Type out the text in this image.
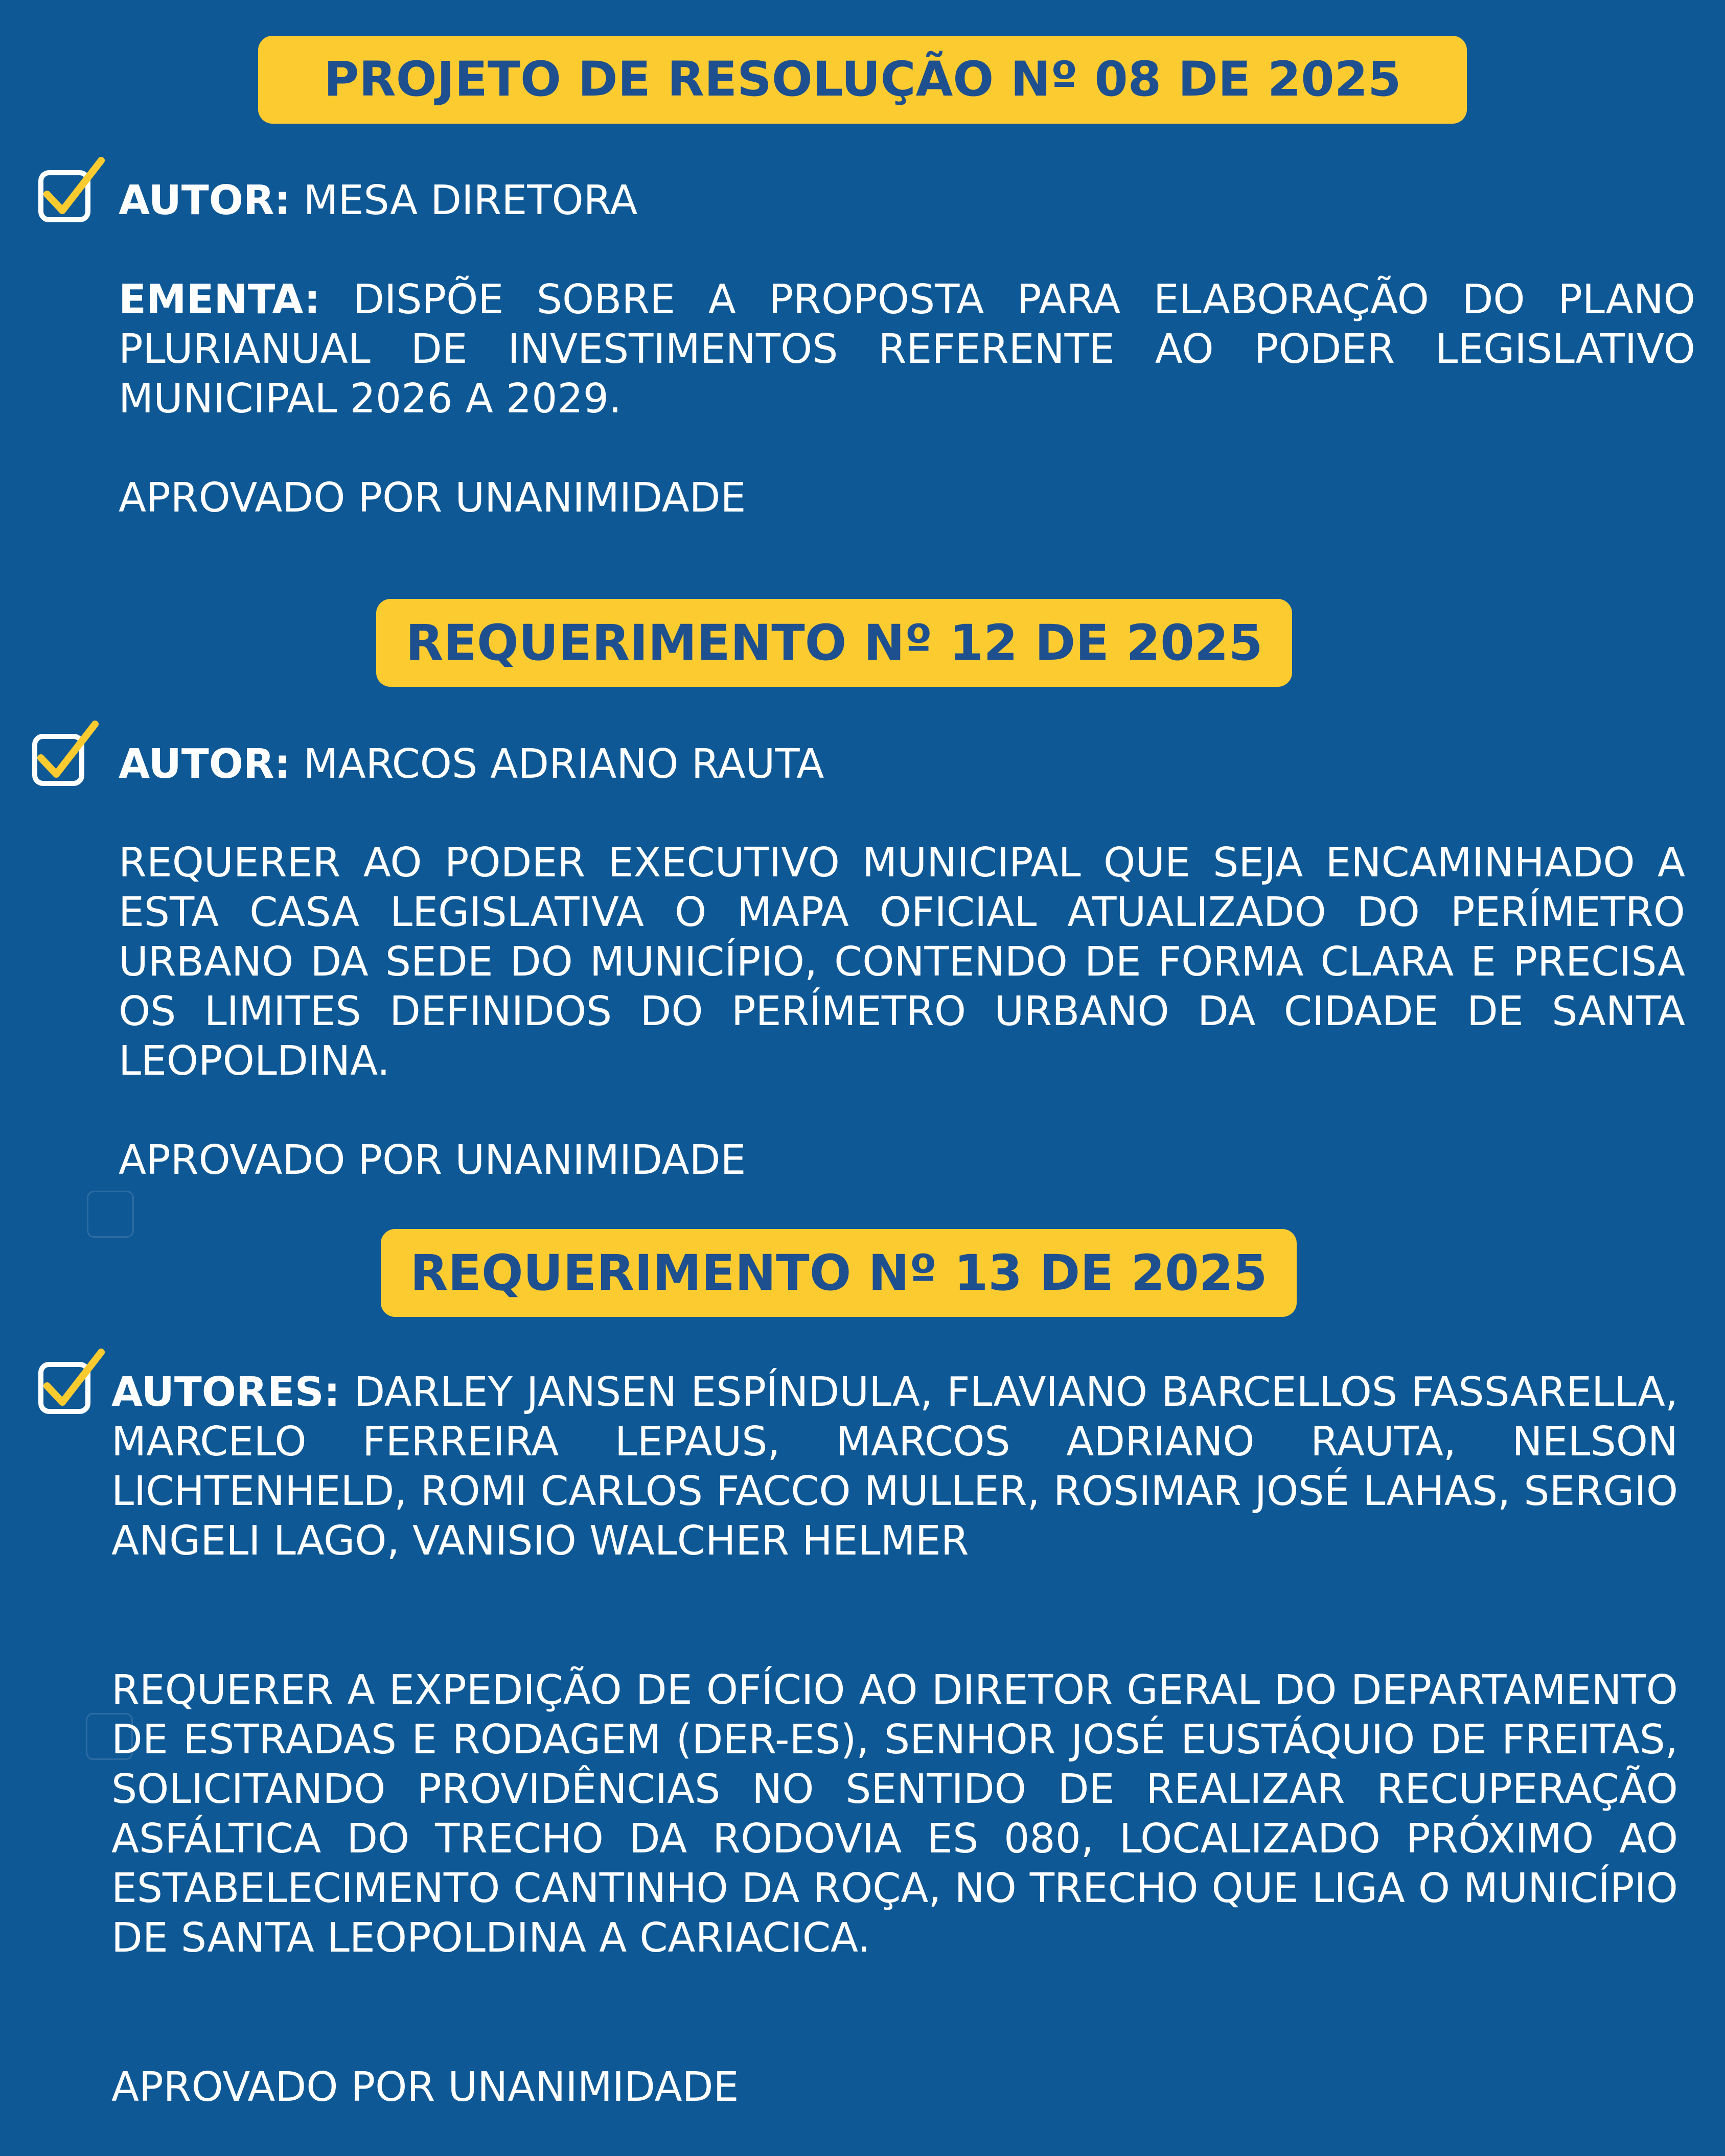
PROJETO DE RESOLUÇÃO Nº 08 DE 2025
AUTOR: MESA DIRETORA
EMENTA: DISPÕE SOBRE A PROPOSTA PARA ELABORAÇÃO DO PLANO PLURIANUAL DE INVESTIMENTOS REFERENTE AO PODER LEGISLATIVO MUNICIPAL 2026 A 2029.
APROVADO POR UNANIMIDADE
REQUERIMENTO Nº 12 DE 2025
AUTOR: MARCOS ADRIANO RAUTA
REQUERER AO PODER EXECUTIVO MUNICIPAL QUE SEJA ENCAMINHADO A ESTA CASA LEGISLATIVA O MAPA OFICIAL ATUALIZADO DO PERÍMETRO URBANO DA SEDE DO MUNICÍPIO, CONTENDO DE FORMA CLARA E PRECISA OS LIMITES DEFINIDOS DO PERÍMETRO URBANO DA CIDADE DE SANTA LEOPOLDINA.
APROVADO POR UNANIMIDADE
REQUERIMENTO Nº 13 DE 2025
AUTORES: DARLEY JANSEN ESPÍNDULA, FLAVIANO BARCELLOS FASSARELLA, MARCELO FERREIRA LEPAUS, MARCOS ADRIANO RAUTA, NELSON LICHTENHELD, ROMI CARLOS FACCO MULLER, ROSIMAR JOSÉ LAHAS, SERGIO ANGELI LAGO, VANISIO WALCHER HELMER
REQUERER A EXPEDIÇÃO DE OFÍCIO AO DIRETOR GERAL DO DEPARTAMENTO DE ESTRADAS E RODAGEM (DER-ES), SENHOR JOSÉ EUSTÁQUIO DE FREITAS, SOLICITANDO PROVIDÊNCIAS NO SENTIDO DE REALIZAR RECUPERAÇÃO ASFÁLTICA DO TRECHO DA RODOVIA ES 080, LOCALIZADO PRÓXIMO AO ESTABELECIMENTO CANTINHO DA ROÇA, NO TRECHO QUE LIGA O MUNICÍPIO DE SANTA LEOPOLDINA A CARIACICA.
APROVADO POR UNANIMIDADE
